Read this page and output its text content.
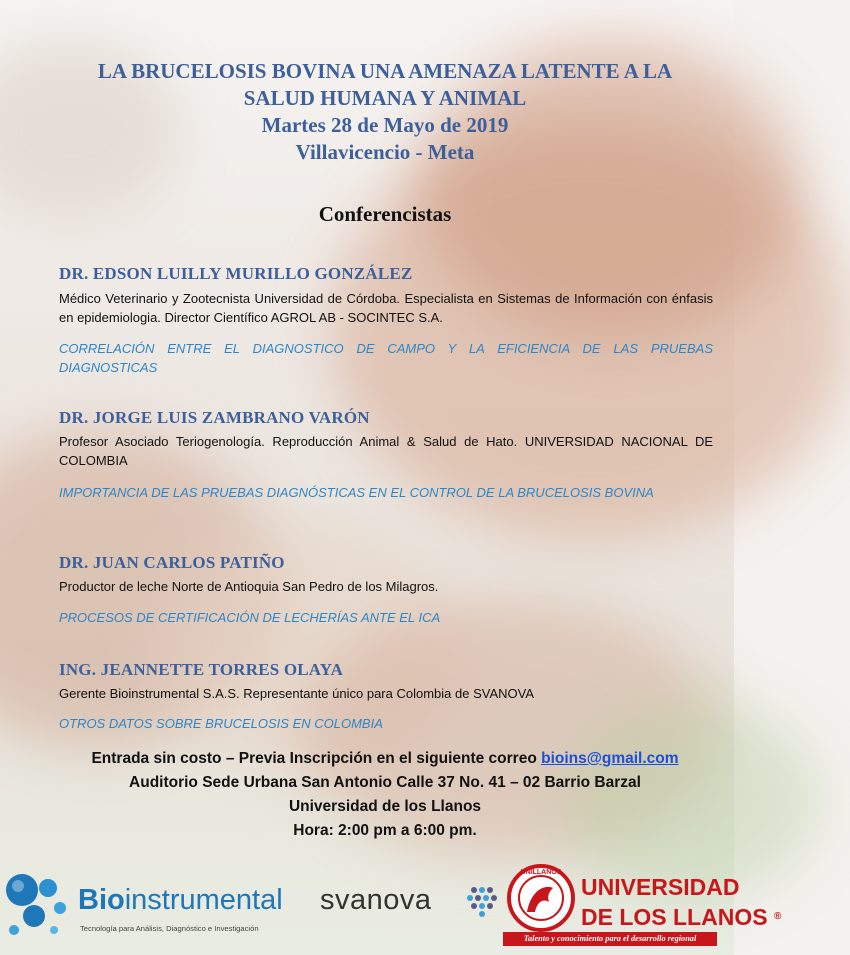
LA BRUCELOSIS BOVINA UNA AMENAZA LATENTE A LA
SALUD HUMANA Y ANIMAL
Martes 28 de Mayo de 2019
Villavicencio - Meta
Conferencistas
DR. EDSON LUILLY MURILLO GONZÁLEZ
Médico Veterinario y Zootecnista Universidad de Córdoba. Especialista en Sistemas de Información con énfasis en epidemiologia. Director Científico AGROL AB - SOCINTEC S.A.
CORRELACIÓN ENTRE EL DIAGNOSTICO DE CAMPO Y LA EFICIENCIA DE LAS PRUEBAS DIAGNOSTICAS
DR. JORGE LUIS ZAMBRANO VARÓN
Profesor Asociado Teriogenología. Reproducción Animal & Salud de Hato. UNIVERSIDAD NACIONAL DE COLOMBIA
IMPORTANCIA DE LAS PRUEBAS DIAGNÓSTICAS EN EL CONTROL DE LA BRUCELOSIS BOVINA
DR. JUAN CARLOS PATIÑO
Productor de leche Norte de Antioquia San Pedro de los Milagros.
PROCESOS DE CERTIFICACIÓN DE LECHERÍAS ANTE EL ICA
ING. JEANNETTE TORRES OLAYA
Gerente Bioinstrumental S.A.S. Representante único para Colombia de SVANOVA
OTROS DATOS SOBRE BRUCELOSIS EN COLOMBIA
Entrada sin costo – Previa Inscripción en el siguiente correo bioins@gmail.com
Auditorio Sede Urbana San Antonio Calle 37 No. 41 – 02 Barrio Barzal
Universidad de los Llanos
Hora: 2:00 pm a 6:00 pm.
Bioinstrumental
Tecnología para Análisis, Diagnóstico e Investigación
svanova
UNILLANOS
UNIVERSIDAD
DE LOS LLANOS ®
Talento y conocimiento para el desarrollo regional
